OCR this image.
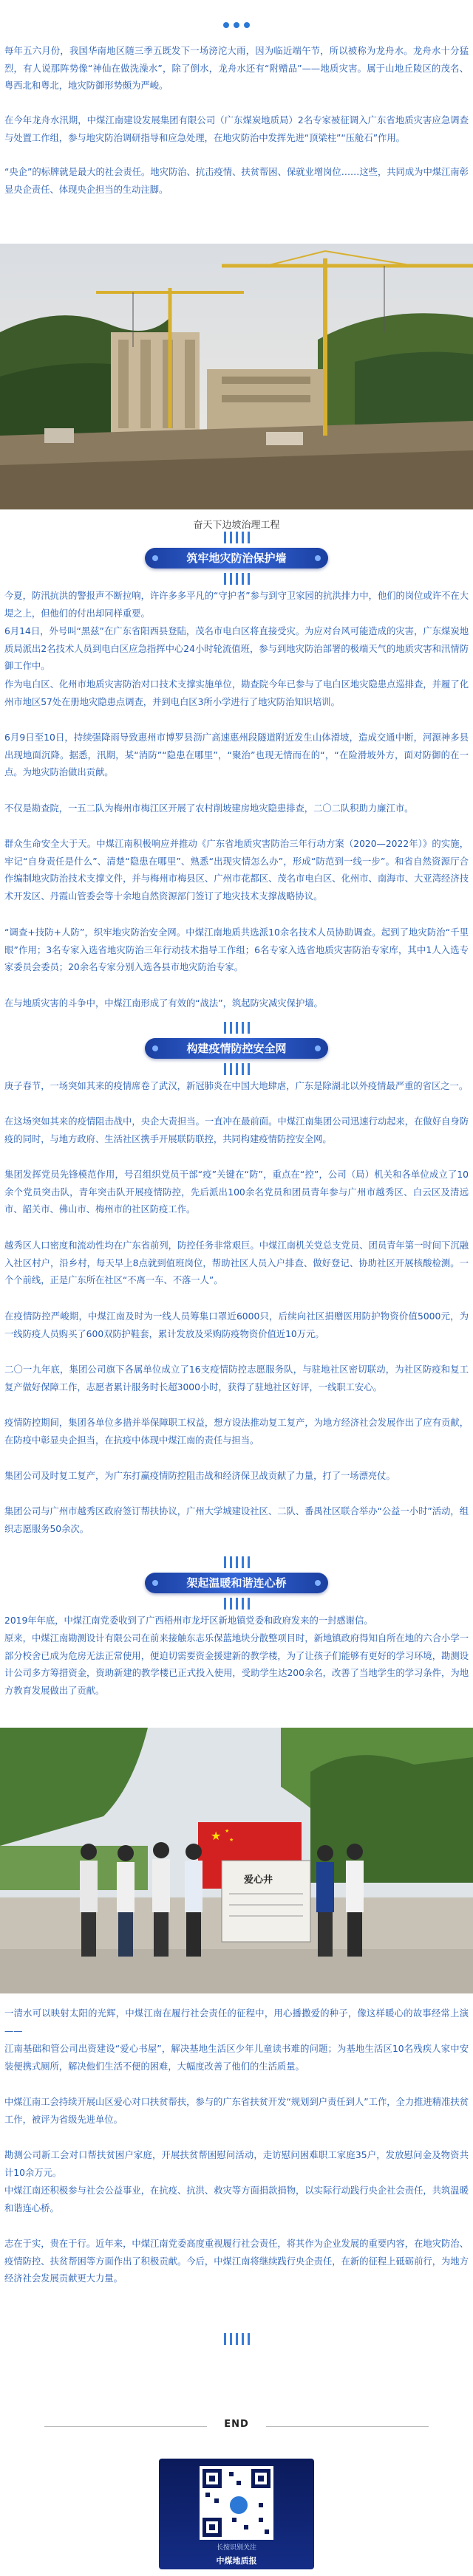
每年五六月份，我国华南地区随三季五既发下一场滂沱大雨，因为临近端午节，所以被称为龙舟水。龙舟水十分猛烈，有人说那阵势像“神仙在做洗澡水”，除了倒水，龙舟水还有“附赠品”——地质灾害。属于山地丘陵区的茂名、粤西北和粤北，地灾防御形势颇为严峻。

在今年龙舟水汛期，中煤江南建设发展集团有限公司（广东煤炭地质局）2名专家被征调入广东省地质灾害应急调查与处置工作组，参与地灾防治调研指导和应急处理，在地灾防治中发挥先进“顶梁柱”“压舱石”作用。

“央企”的标牌就是最大的社会责任。地灾防治、抗击疫情、扶贫帮困、保就业增岗位……这些，共同成为中煤江南彰显央企责任、体现央企担当的生动注脚。

奋天下边坡治理工程
筑牢地灾防治保护墙

今夏，防汛抗洪的警报声不断拉响，许许多多平凡的“守护者”参与到守卫家园的抗洪排力中，他们的岗位或许不在大堤之上，但他们的付出却同样重要。

6月14日，外号叫“黑兹”在广东省阳西县登陆，茂名市电白区将直接受灾。为应对台风可能造成的灾害，广东煤炭地质局派出2名技术人员到电白区应急指挥中心24小时轮流值班，参与到地灾防治部署的极端天气的地质灾害和汛情防御工作中。

作为电白区、化州市地质灾害防治对口技术支撑实施单位，勘查院今年已参与了电白区地灾隐患点巡排查，并履了化州市地区57处在册地灾隐患点调查，并到电白区3所小学进行了地灾防治知识培训。

6月9日至10日，持续强降雨导致惠州市博罗县沥广高速惠州段隧道附近发生山体滑坡，造成交通中断，河源神多县出现地面沉降。据悉，汛期，某“消防”“隐患在哪里”，“聚治”也现无情而在的“，“在险滑坡外方，面对防御的在一点。为地灾防治做出贡献。

不仅是勘查院，一五二队为梅州市梅江区开展了农村削坡建房地灾隐患排查，二〇二队积助力廉江市。

群众生命安全大于天。中煤江南积极响应并推动《广东省地质灾害防治三年行动方案（2020—2022年）》的实施，牢记“自身责任是什么”、清楚“隐患在哪里”、熟悉“出现灾情怎么办”，形成“防范到一线一步”。和省自然资源厅合作编制地灾防治技术支撑文件，并与梅州市梅县区、广州市花都区、茂名市电白区、化州市、南海市、大亚湾经济技术开发区、丹霞山管委会等十余地自然资源部门签订了地灾技术支撑战略协议。

“调查+技防+人防”，织牢地灾防治安全网。中煤江南地质共选派10余名技术人员协助调查。起到了地灾防治“千里眼”作用；3名专家入选省地灾防治三年行动技术指导工作组；6名专家入选省地质灾害防治专家库，其中1人入选专家委员会委员；20余名专家分别入选各县市地灾防治专家。

在与地质灾害的斗争中，中煤江南形成了有效的“战法”，筑起防灾减灾保护墙。

构建疫情防控安全网

庚子春节，一场突如其来的疫情席卷了武汉，新冠肺炎在中国大地肆虐，广东是除湖北以外疫情最严重的省区之一。

在这场突如其来的疫情阻击战中，央企大责担当。一直冲在最前面。中煤江南集团公司迅速行动起来，在做好自身防疫的同时，与地方政府、生活社区携手开展联防联控，共同构建疫情防控安全网。

集团发挥党员先锋模范作用，号召组织党员干部“疫”关键在“防”，重点在“控”，公司（局）机关和各单位成立了10余个党员突击队，青年突击队开展疫情防控，先后派出100余名党员和团员青年参与广州市越秀区、白云区及清远市、韶关市、佛山市、梅州市的社区防疫工作。

越秀区人口密度和流动性均在广东省前列，防控任务非常艰巨。中煤江南机关党总支党员、团员青年第一时间下沉融入社区村户，沿乡村，每天早上8点就到值班岗位，帮助社区人员入户排查、做好登记、协助社区开展核酸检测。一个个前线，正是广东所在社区“不离一车、不落一人”。

在疫情防控严峻期，中煤江南及时为一线人员筹集口罩近6000只，后续向社区捐赠医用防护物资价值5000元，为一线防疫人员购买了600双防护鞋套，累计发放及采购防疫物资价值近10万元。

二〇一九年底，集团公司旗下各属单位成立了16支疫情防控志愿服务队，与驻地社区密切联动，为社区防疫和复工复产做好保障工作，志愿者累计服务时长超3000小时，获得了驻地社区好评，一线职工安心。

疫情防控期间，集团各单位多措并举保障职工权益，想方设法推动复工复产，为地方经济社会发展作出了应有贡献，在防疫中彰显央企担当，在抗疫中体现中煤江南的责任与担当。

集团公司及时复工复产，为广东打赢疫情防控阻击战和经济保卫战贡献了力量，打了一场漂亮仗。

集团公司与广州市越秀区政府签订帮扶协议，广州大学城建设社区、二队、番禺社区联合举办“公益一小时”活动，组织志愿服务50余次。

架起温暖和谐连心桥

2019年年底，中煤江南党委收到了广西梧州市龙圩区新地镇党委和政府发来的一封感谢信。

原来，中煤江南勘测设计有限公司在前来接触东志乐保蓝地块分散整项目时，新地镇政府得知自所在地的六合小学一部分校舍已成为危房无法正常使用，便迫切需要资金援建新的教学楼，为了让孩子们能够有更好的学习环境，勘测设计公司多方筹措资金，资助新建的教学楼已正式投入使用，受助学生达200余名，改善了当地学生的学习条件，为地方教育发展做出了贡献。

★ ★
★
爱心井

一清水可以映射太阳的光辉，中煤江南在履行社会责任的征程中，用心播撒爱的种子，像这样暖心的故事经常上演——

江南基础和管公司出资建设“爱心书屋”，解决基地生活区少年儿童读书难的问题；为基地生活区10名残疾人家中安装便携式厕所，解决他们生活不便的困难，大幅度改善了他们的生活质量。

中煤江南工会持续开展山区爱心对口扶贫帮扶，参与的广东省扶贫开发“规划到户责任到人”工作，全力推进精准扶贫工作，被评为省级先进单位。

勘测公司新工会对口帮扶贫困户家庭，开展扶贫帮困慰问活动，走访慰问困难职工家庭35户，发放慰问金及物资共计10余万元。

中煤江南还积极参与社会公益事业，在抗疫、抗洪、救灾等方面捐款捐物，以实际行动践行央企社会责任，共筑温暖和谐连心桥。

志在于实，贵在于行。近年来，中煤江南党委高度重视履行社会责任，将其作为企业发展的重要内容，在地灾防治、疫情防控、扶贫帮困等方面作出了积极贡献。今后，中煤江南将继续践行央企责任，在新的征程上砥砺前行，为地方经济社会发展贡献更大力量。

END
长按识别关注
中煤地质报
